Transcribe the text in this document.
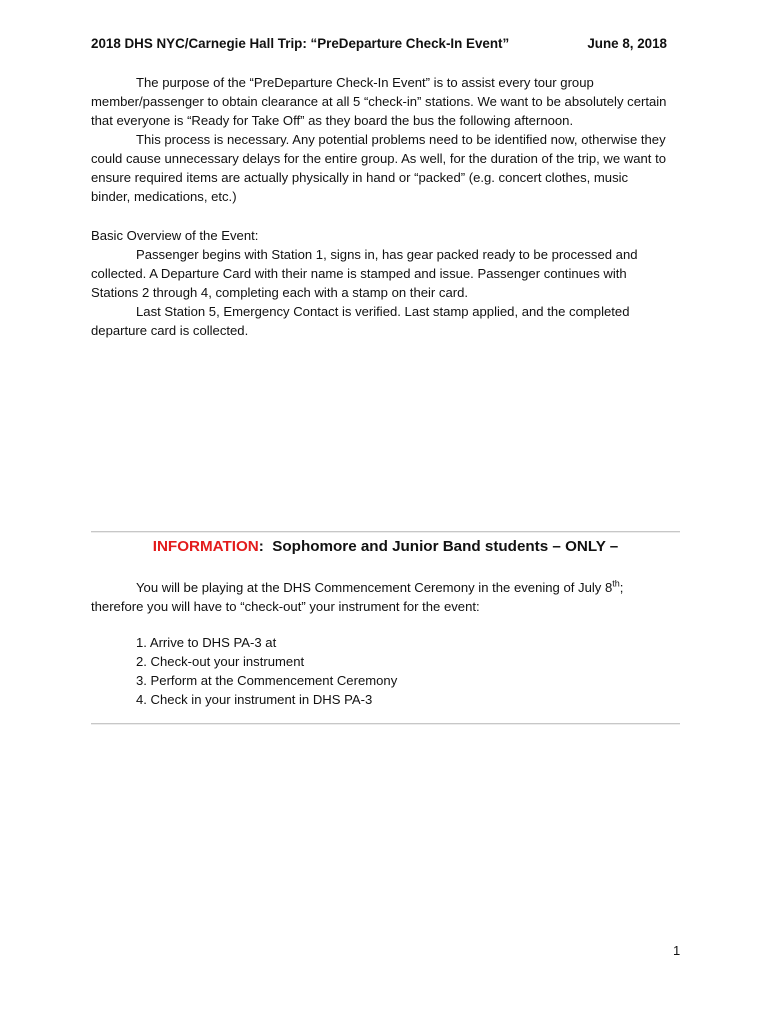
2018 DHS NYC/Carnegie Hall Trip: “PreDeparture Check-In Event”	June 8, 2018
The purpose of the “PreDeparture Check-In Event” is to assist every tour group member/passenger to obtain clearance at all 5 “check-in” stations. We want to be absolutely certain that everyone is “Ready for Take Off” as they board the bus the following afternoon.
This process is necessary. Any potential problems need to be identified now, otherwise they could cause unnecessary delays for the entire group. As well, for the duration of the trip, we want to ensure required items are actually physically in hand or “packed” (e.g. concert clothes, music binder, medications, etc.)
Basic Overview of the Event:
Passenger begins with Station 1, signs in, has gear packed ready to be processed and collected. A Departure Card with their name is stamped and issue. Passenger continues with Stations 2 through 4, completing each with a stamp on their card.
Last Station 5, Emergency Contact is verified. Last stamp applied, and the completed departure card is collected.
INFORMATION: Sophomore and Junior Band students – ONLY –
You will be playing at the DHS Commencement Ceremony in the evening of July 8th; therefore you will have to “check-out” your instrument for the event:
1. Arrive to DHS PA-3 at
2. Check-out your instrument
3. Perform at the Commencement Ceremony
4. Check in your instrument in DHS PA-3
1
